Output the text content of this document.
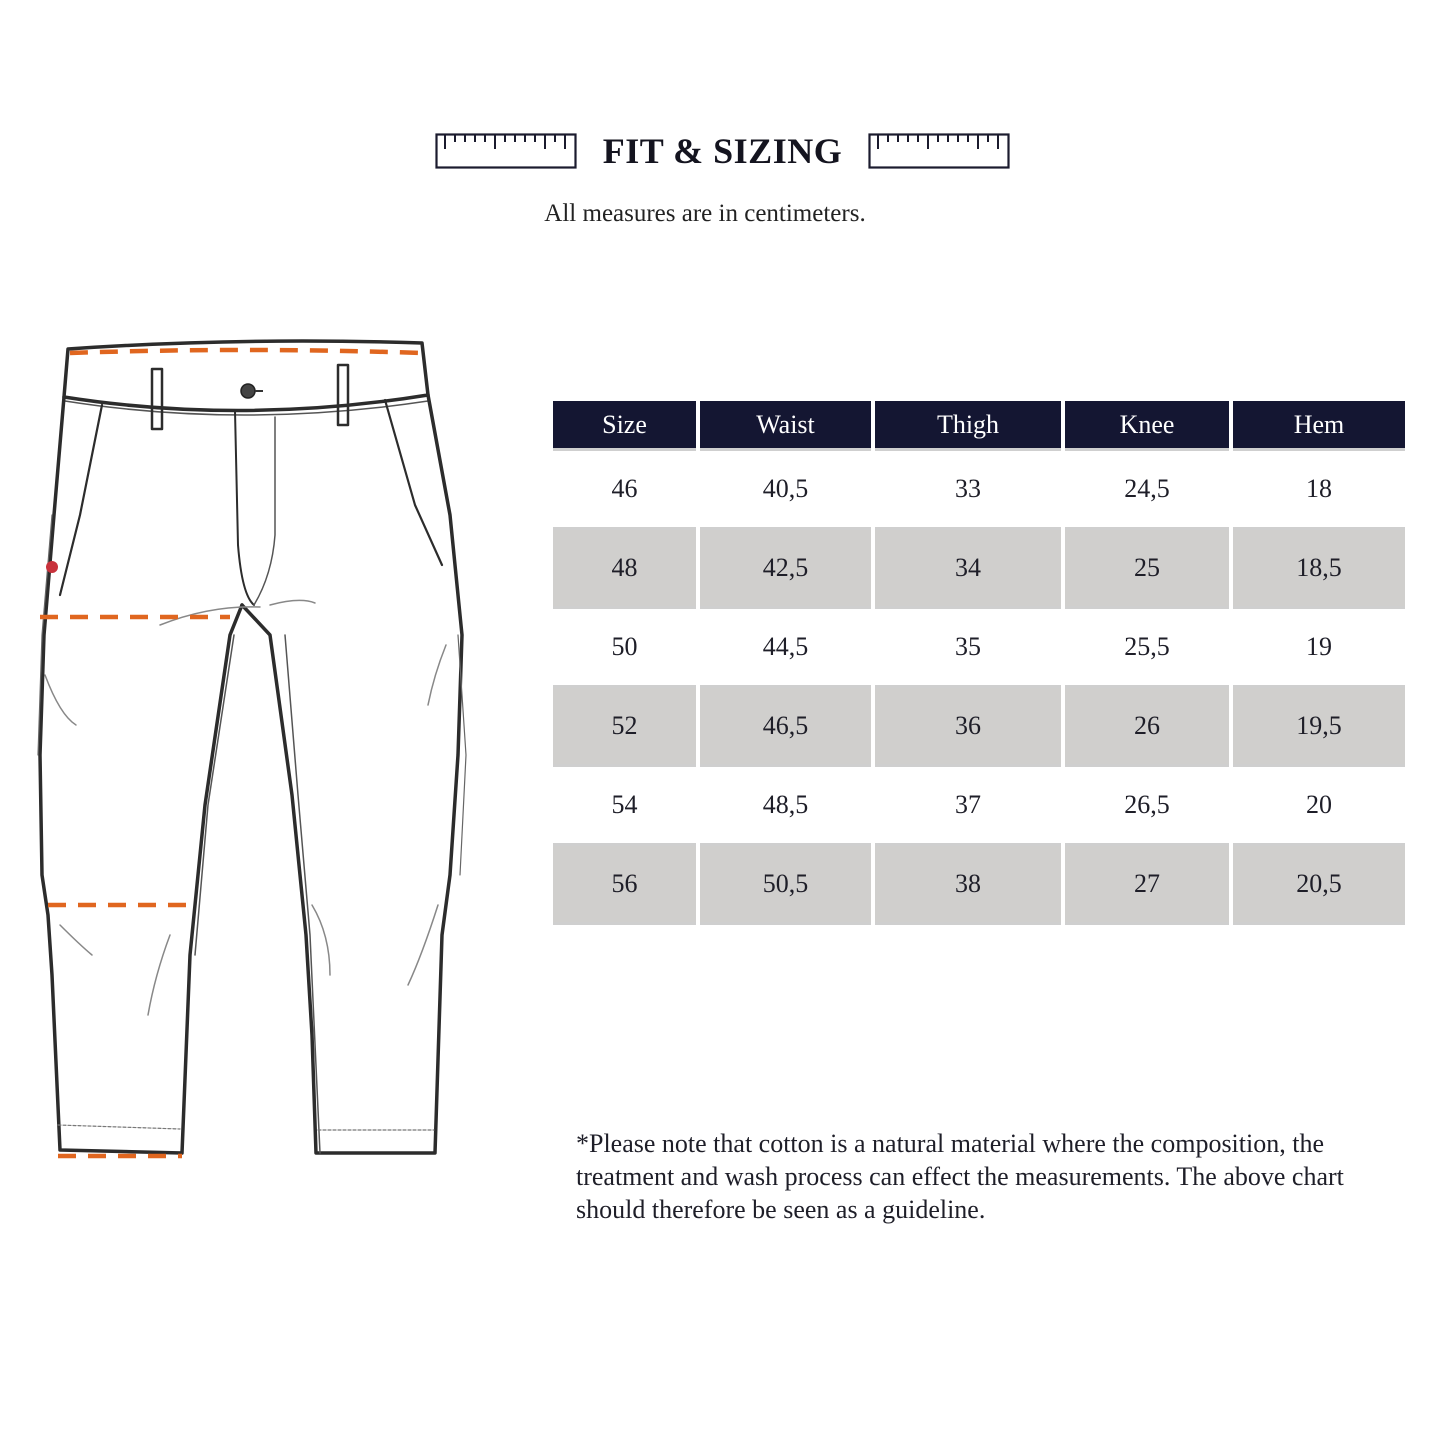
FIT & SIZING
All measures are in centimeters.
Size	Waist	Thigh	Knee	Hem
46	40,5	33	24,5	18
48	42,5	34	25	18,5
50	44,5	35	25,5	19
52	46,5	36	26	19,5
54	48,5	37	26,5	20
56	50,5	38	27	20,5
*Please note that cotton is a natural material where the composition, the treatment and wash process can effect the measurements. The above chart should therefore be seen as a guideline.
